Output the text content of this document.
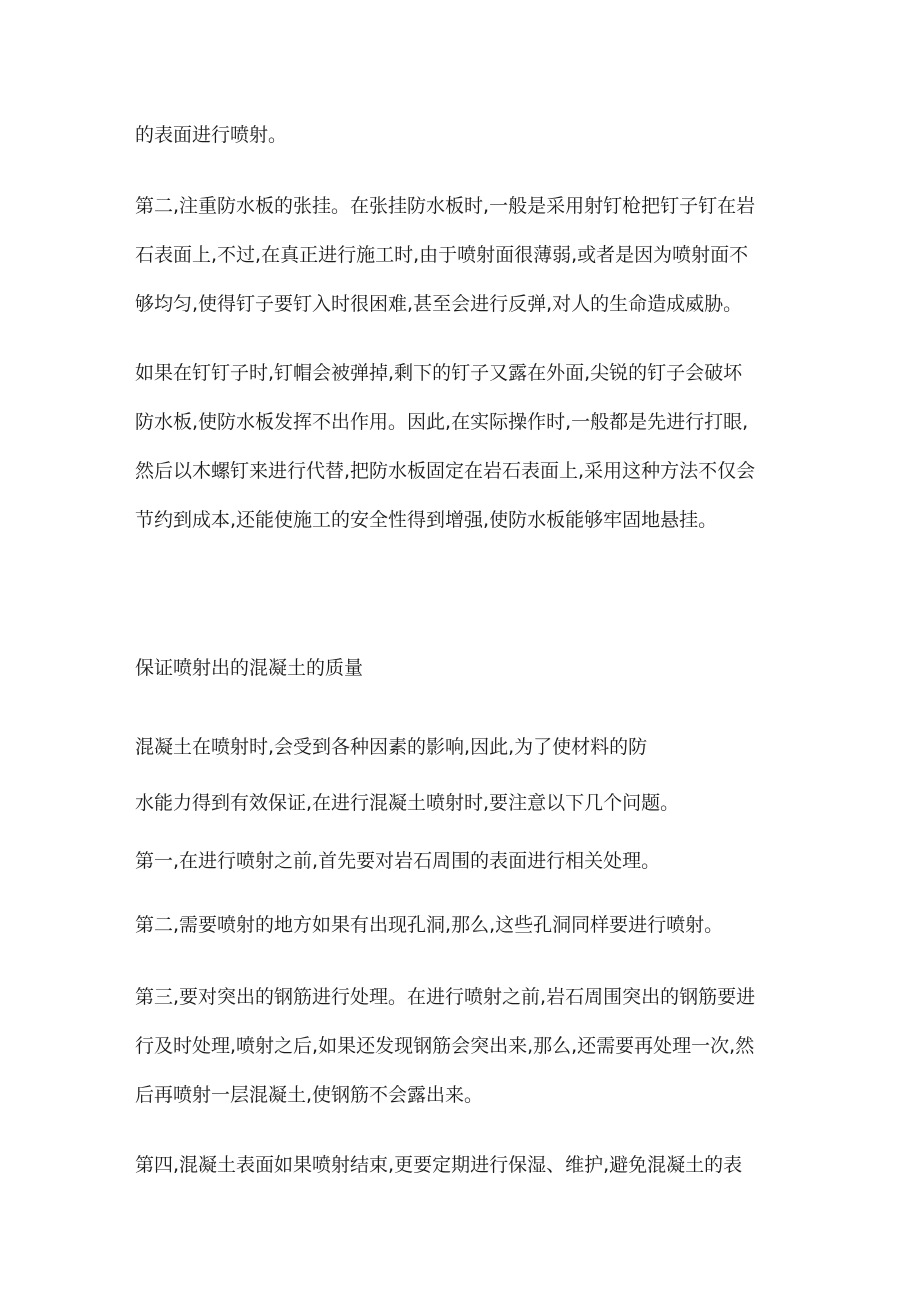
的表面进行喷射。
第二,注重防水板的张挂。在张挂防水板时,一般是采用射钉枪把钉子钉在岩
石表面上,不过,在真正进行施工时,由于喷射面很薄弱,或者是因为喷射面不
够均匀,使得钉子要钉入时很困难,甚至会进行反弹,对人的生命造成威胁。
如果在钉钉子时,钉帽会被弹掉,剩下的钉子又露在外面,尖锐的钉子会破坏
防水板,使防水板发挥不出作用。因此,在实际操作时,一般都是先进行打眼,
然后以木螺钉来进行代替,把防水板固定在岩石表面上,采用这种方法不仅会
节约到成本,还能使施工的安全性得到增强,使防水板能够牢固地悬挂。
保证喷射出的混凝土的质量
混凝土在喷射时,会受到各种因素的影响,因此,为了使材料的防
水能力得到有效保证,在进行混凝土喷射时,要注意以下几个问题。
第一,在进行喷射之前,首先要对岩石周围的表面进行相关处理。
第二,需要喷射的地方如果有出现孔洞,那么,这些孔洞同样要进行喷射。
第三,要对突出的钢筋进行处理。在进行喷射之前,岩石周围突出的钢筋要进
行及时处理,喷射之后,如果还发现钢筋会突出来,那么,还需要再处理一次,然
后再喷射一层混凝土,使钢筋不会露出来。
第四,混凝土表面如果喷射结束,更要定期进行保湿、维护,避免混凝土的表
